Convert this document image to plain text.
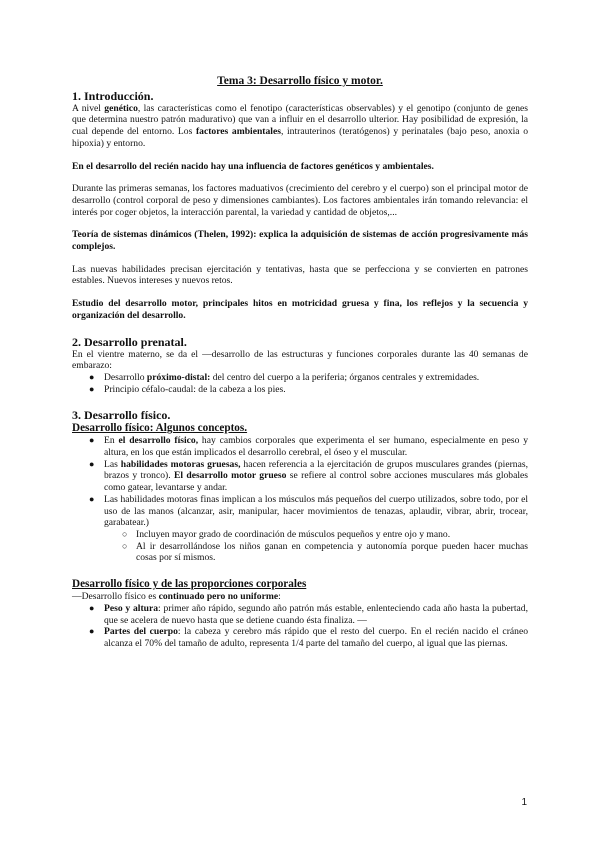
Tema 3: Desarrollo físico y motor.
1. Introducción.

A nivel genético, las características como el fenotipo (características observables) y el genotipo (conjunto de genes que determina nuestro patrón madurativo) que van a influir en el desarrollo ulterior. Hay posibilidad de expresión, la cual depende del entorno. Los factores ambientales, intrauterinos (teratógenos) y perinatales (bajo peso, anoxia o hipoxia) y entorno.

En el desarrollo del recién nacido hay una influencia de factores genéticos y ambientales.

Durante las primeras semanas, los factores maduativos (crecimiento del cerebro y el cuerpo) son el principal motor de desarrollo (control corporal de peso y dimensiones cambiantes). Los factores ambientales irán tomando relevancia: el interés por coger objetos, la interacción parental, la variedad y cantidad de objetos,...

Teoría de sistemas dinámicos (Thelen, 1992): explica la adquisición de sistemas de acción progresivamente más complejos.

Las nuevas habilidades precisan ejercitación y tentativas, hasta que se perfecciona y se convierten en patrones estables. Nuevos intereses y nuevos retos.

Estudio del desarrollo motor, principales hitos en motricidad gruesa y fina, los reflejos y la secuencia y organización del desarrollo.

2. Desarrollo prenatal.

En el vientre materno, se da el —desarrollo de las estructuras y funciones corporales durante las 40 semanas de embarazo:

● Desarrollo próximo-distal: del centro del cuerpo a la periferia; órganos centrales y extremidades.
● Principio céfalo-caudal: de la cabeza a los pies.
3. Desarrollo físico.
Desarrollo físico: Algunos conceptos.
● En el desarrollo físico, hay cambios corporales que experimenta el ser humano, especialmente en peso y altura, en los que están implicados el desarrollo cerebral, el óseo y el muscular.
● Las habilidades motoras gruesas, hacen referencia a la ejercitación de grupos musculares grandes (piernas, brazos y tronco). El desarrollo motor grueso se refiere al control sobre acciones musculares más globales como gatear, levantarse y andar.
● Las habilidades motoras finas implican a los músculos más pequeños del cuerpo utilizados, sobre todo, por el uso de las manos (alcanzar, asir, manipular, hacer movimientos de tenazas, aplaudir, vibrar, abrir, trocear, garabatear.)
○ Incluyen mayor grado de coordinación de músculos pequeños y entre ojo y mano.
○ Al ir desarrollándose los niños ganan en competencia y autonomía porque pueden hacer muchas cosas por sí mismos.
Desarrollo físico y de las proporciones corporales

—Desarrollo físico es continuado pero no uniforme:

● Peso y altura: primer año rápido, segundo año patrón más estable, enlenteciendo cada año hasta la pubertad, que se acelera de nuevo hasta que se detiene cuando ésta finaliza. —
● Partes del cuerpo: la cabeza y cerebro más rápido que el resto del cuerpo. En el recién nacido el cráneo alcanza el 70% del tamaño de adulto, representa 1/4 parte del tamaño del cuerpo, al igual que las piernas.
1
